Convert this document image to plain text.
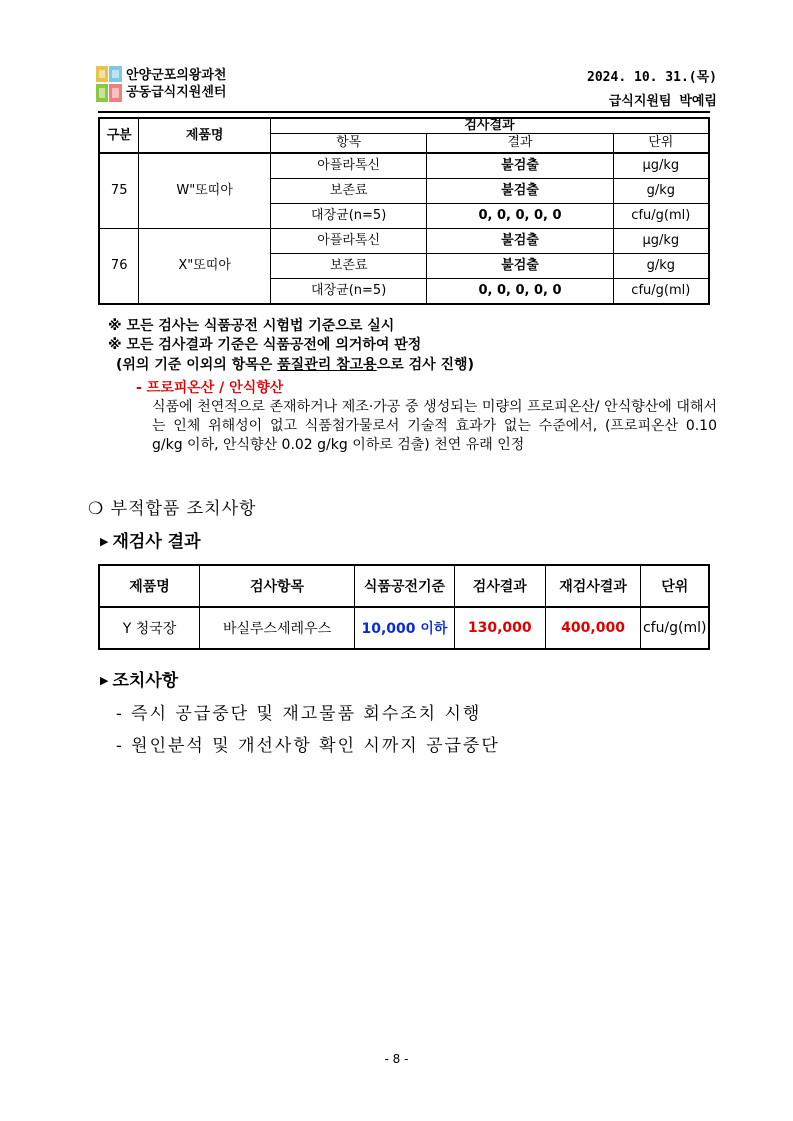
안양군포의왕과천
공동급식지원센터
2024. 10. 31.(목)
급식지원팀 박예림
구분	제품명	검사결과		
		항목	결과	단위
75	W"또띠아	아플라톡신	불검출	μg/kg
		보존료	불검출	g/kg
		대장균(n=5)	0, 0, 0, 0, 0	cfu/g(ml)
76	X"또띠아	아플라톡신	불검출	μg/kg
		보존료	불검출	g/kg
		대장균(n=5)	0, 0, 0, 0, 0	cfu/g(ml)
※ 모든 검사는 식품공전 시험법 기준으로 실시
※ 모든 검사결과 기준은 식품공전에 의거하여 판정
(위의 기준 이외의 항목은 품질관리 참고용으로 검사 진행)
- 프로피온산 / 안식향산
식품에 천연적으로 존재하거나 제조·가공 중 생성되는 미량의 프로피온산/ 안식향산에 대해서는 인체 위해성이 없고 식품첨가물로서 기술적 효과가 없는 수준에서, (프로피온산 0.10 g/kg 이하, 안식향산 0.02 g/kg 이하로 검출) 천연 유래 인정
❍ 부적합품 조치사항
▶ 재검사 결과
제품명	검사항목	식품공전기준	검사결과	재검사결과	단위
Y 청국장	바실루스세레우스	10,000 이하	130,000	400,000	cfu/g(ml)
▶ 조치사항
- 즉시 공급중단 및 재고물품 회수조치 시행
- 원인분석 및 개선사항 확인 시까지 공급중단
- 8 -
